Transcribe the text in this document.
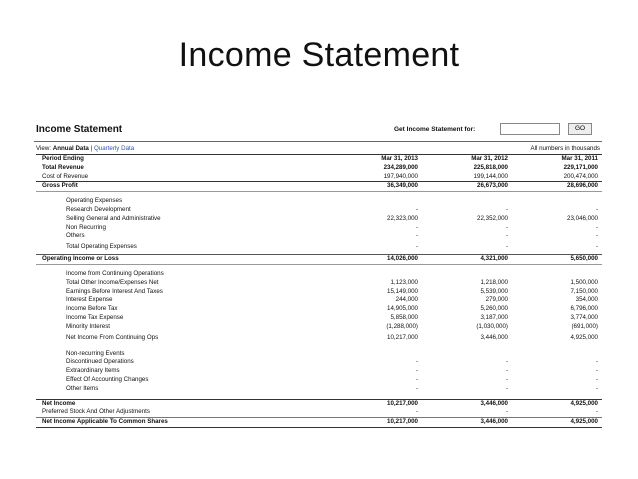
Income Statement
Income Statement	Get Income Statement for:	GO
View: Annual Data | Quarterly Data	All numbers in thousands
Period Ending	Mar 31, 2013	Mar 31, 2012	Mar 31, 2011
Total Revenue	234,289,000	225,818,000	229,171,000
Cost of Revenue	197,940,000	199,144,000	200,474,000
Gross Profit	36,349,000	26,673,000	28,696,000

Operating Expenses			
Research Development	-	-	-
Selling General and Administrative	22,323,000	22,352,000	23,046,000
Non Recurring	-	-	-
Others	-	-	-
Total Operating Expenses	-	-	-
Operating Income or Loss	14,026,000	4,321,000	5,650,000

Income from Continuing Operations			
Total Other Income/Expenses Net	1,123,000	1,218,000	1,500,000
Earnings Before Interest And Taxes	15,149,000	5,539,000	7,150,000
Interest Expense	244,000	279,000	354,000
Income Before Tax	14,905,000	5,260,000	6,796,000
Income Tax Expense	5,858,000	3,187,000	3,774,000
Minority Interest	(1,288,000)	(1,030,000)	(691,000)
Net Income From Continuing Ops	10,217,000	3,446,000	4,925,000

Non-recurring Events			
Discontinued Operations	-	-	-
Extraordinary Items	-	-	-
Effect Of Accounting Changes	-	-	-
Other Items	-	-	-

Net Income	10,217,000	3,446,000	4,925,000
Preferred Stock And Other Adjustments	-	-	-
Net Income Applicable To Common Shares	10,217,000	3,446,000	4,925,000
